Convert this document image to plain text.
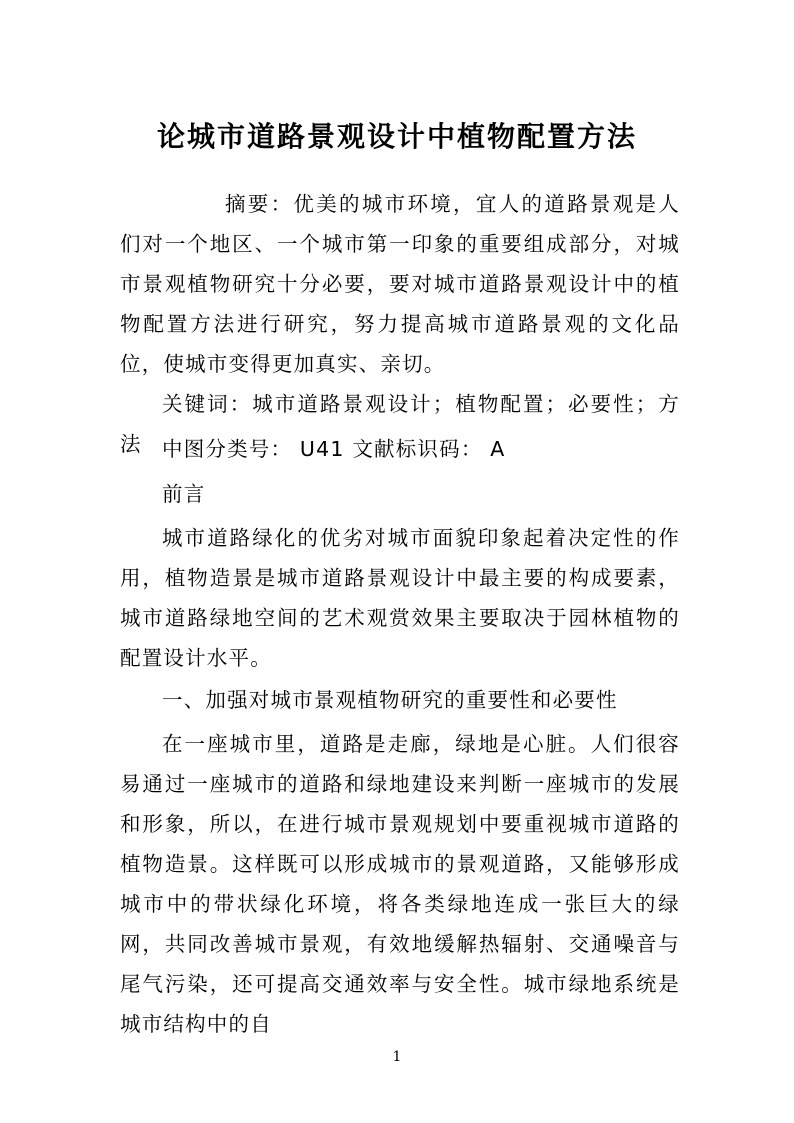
论城市道路景观设计中植物配置方法

摘要：优美的城市环境，宜人的道路景观是人们对一个地区、一个城市第一印象的重要组成部分，对城市景观植物研究十分必要，要对城市道路景观设计中的植物配置方法进行研究，努力提高城市道路景观的文化品位，使城市变得更加真实、亲切。

关键词：城市道路景观设计；植物配置；必要性；方法 中图分类号： U41 文献标识码： A

前言

城市道路绿化的优劣对城市面貌印象起着决定性的作用，植物造景是城市道路景观设计中最主要的构成要素，城市道路绿地空间的艺术观赏效果主要取决于园林植物的配置设计水平。

一、加强对城市景观植物研究的重要性和必要性

在一座城市里，道路是走廊，绿地是心脏。人们很容易通过一座城市的道路和绿地建设来判断一座城市的发展和形象，所以，在进行城市景观规划中要重视城市道路的植物造景。这样既可以形成城市的景观道路，又能够形成城市中的带状绿化环境，将各类绿地连成一张巨大的绿网，共同改善城市景观，有效地缓解热辐射、交通噪音与尾气污染，还可提高交通效率与安全性。城市绿地系统是城市结构中的自

1
